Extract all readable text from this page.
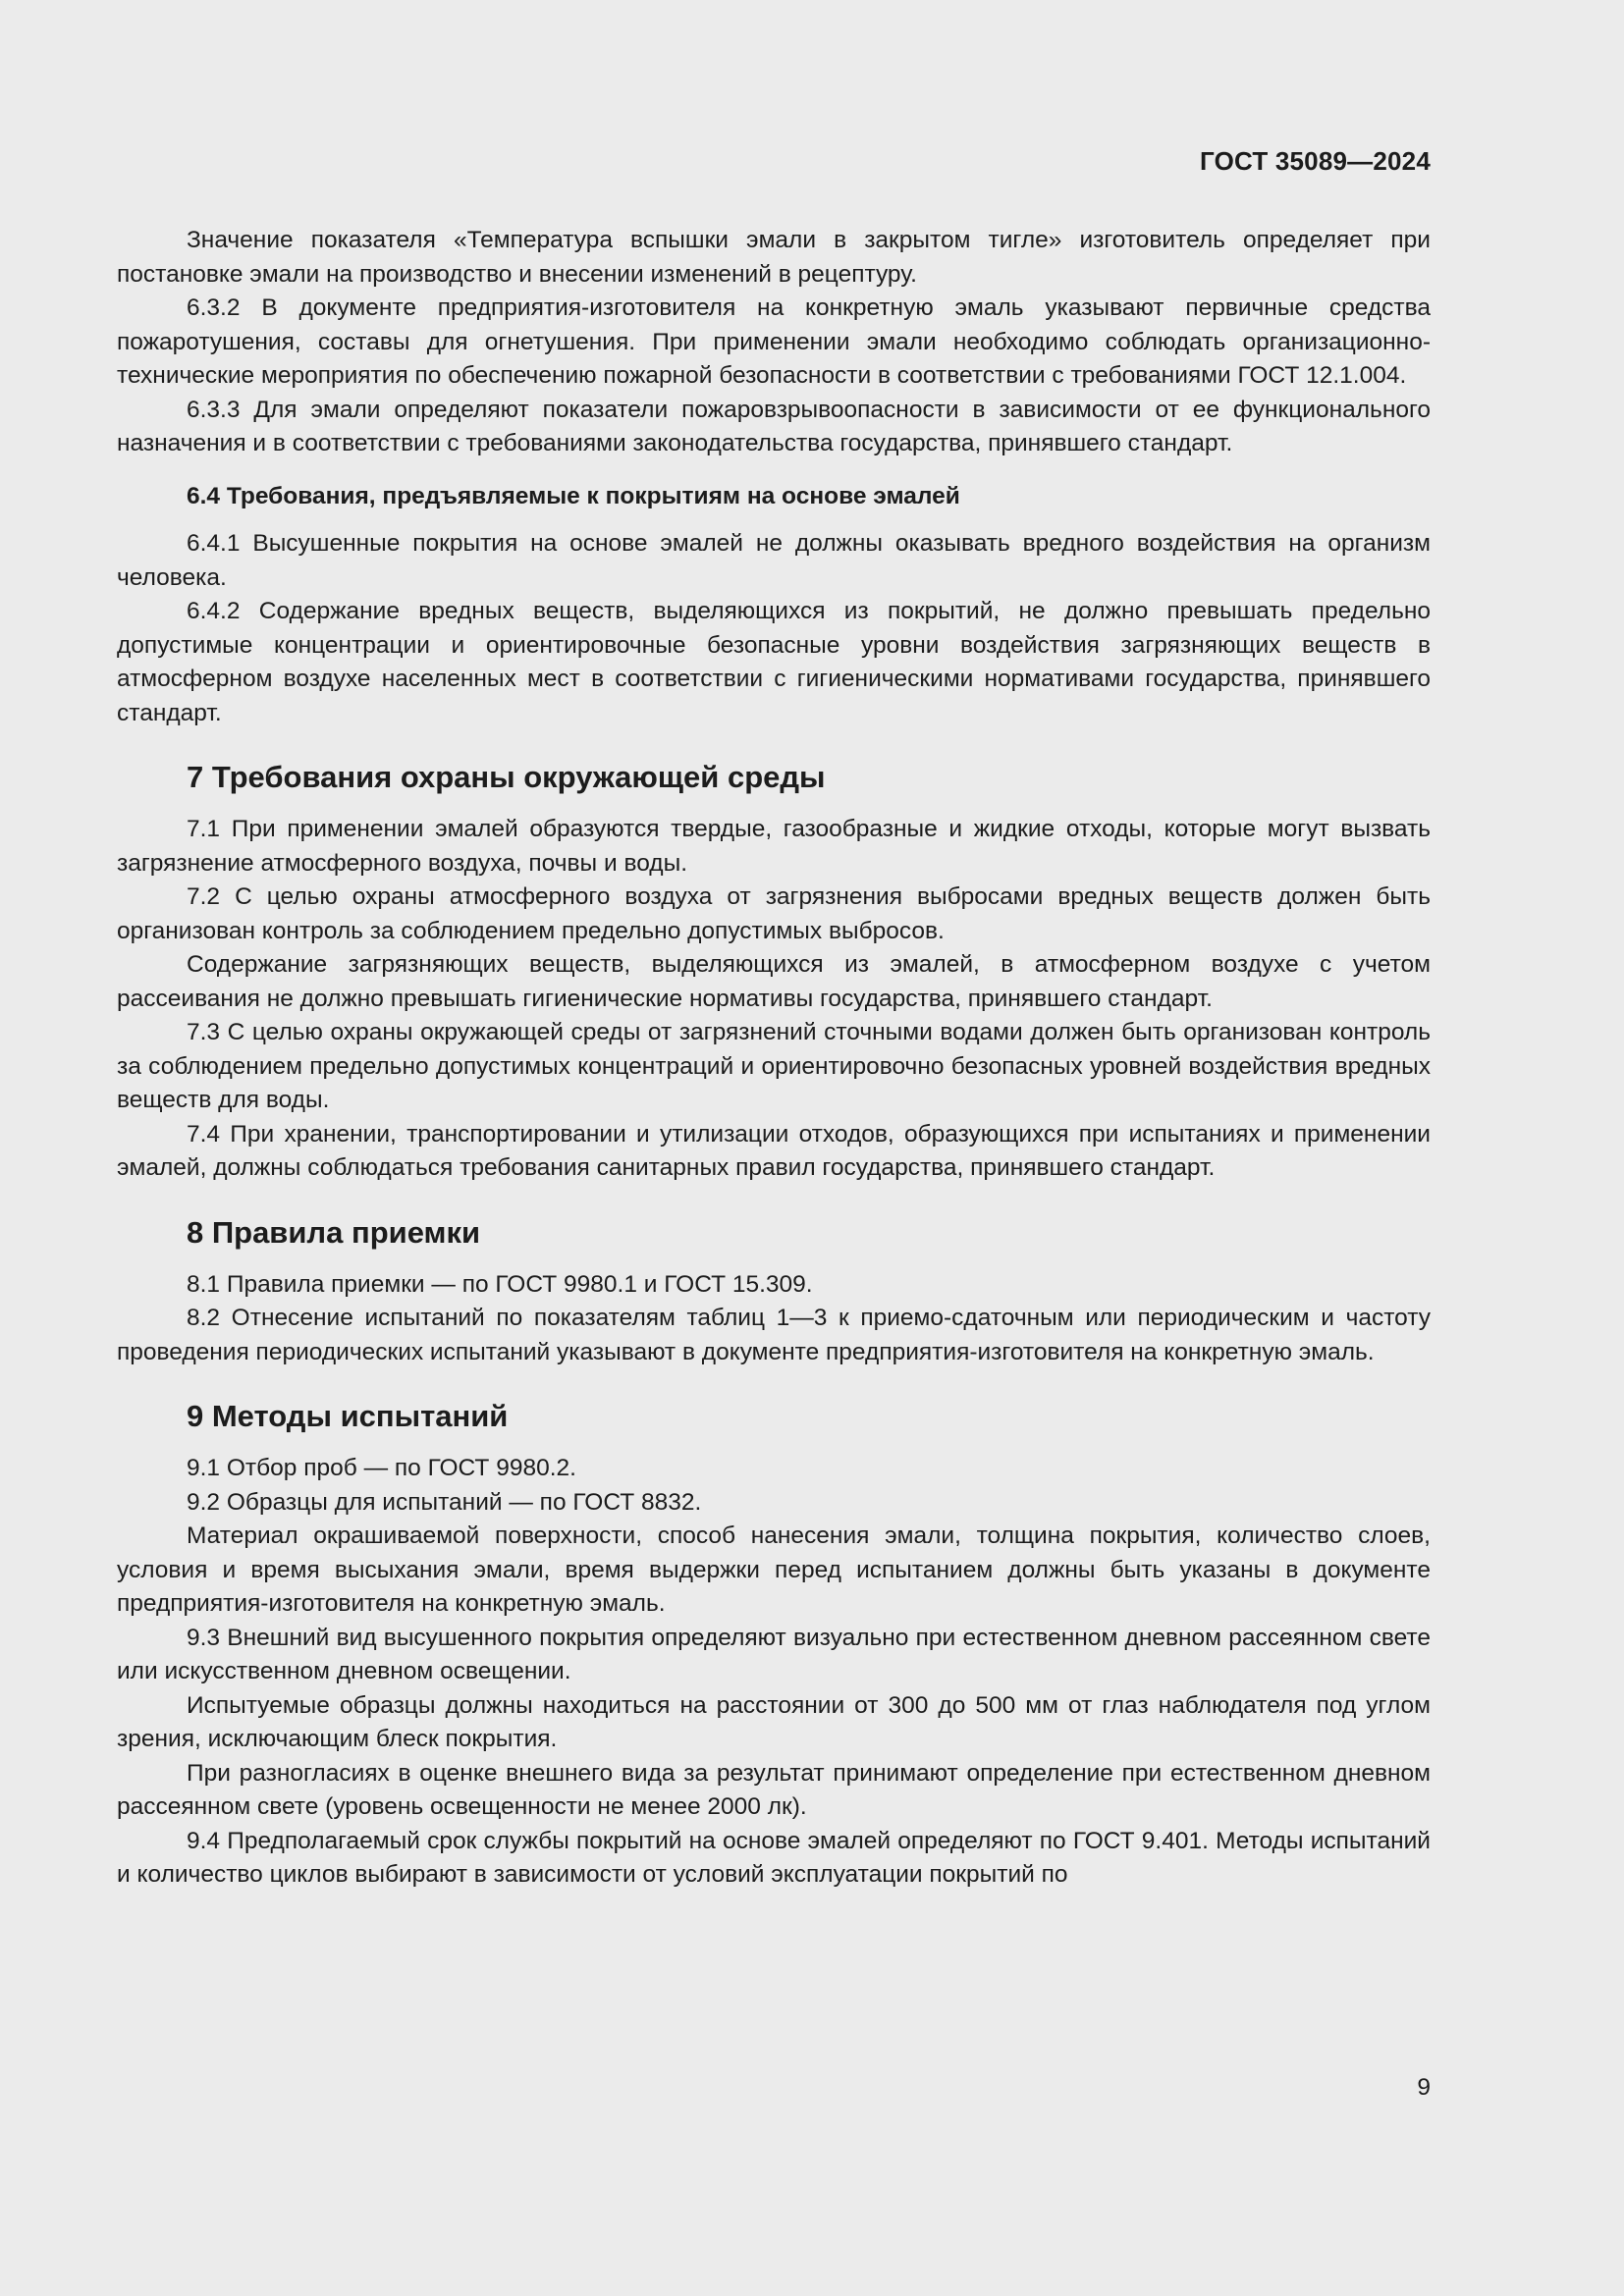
ГОСТ 35089—2024

Значение показателя «Температура вспышки эмали в закрытом тигле» изготовитель определяет при постановке эмали на производство и внесении изменений в рецептуру.

6.3.2 В документе предприятия-изготовителя на конкретную эмаль указывают первичные средства пожаротушения, составы для огнетушения. При применении эмали необходимо соблюдать организационно-технические мероприятия по обеспечению пожарной безопасности в соответствии с требованиями ГОСТ 12.1.004.

6.3.3 Для эмали определяют показатели пожаровзрывоопасности в зависимости от ее функционального назначения и в соответствии с требованиями законодательства государства, принявшего стандарт.

6.4 Требования, предъявляемые к покрытиям на основе эмалей

6.4.1 Высушенные покрытия на основе эмалей не должны оказывать вредного воздействия на организм человека.

6.4.2 Содержание вредных веществ, выделяющихся из покрытий, не должно превышать предельно допустимые концентрации и ориентировочные безопасные уровни воздействия загрязняющих веществ в атмосферном воздухе населенных мест в соответствии с гигиеническими нормативами государства, принявшего стандарт.

7 Требования охраны окружающей среды

7.1 При применении эмалей образуются твердые, газообразные и жидкие отходы, которые могут вызвать загрязнение атмосферного воздуха, почвы и воды.

7.2 С целью охраны атмосферного воздуха от загрязнения выбросами вредных веществ должен быть организован контроль за соблюдением предельно допустимых выбросов.

Содержание загрязняющих веществ, выделяющихся из эмалей, в атмосферном воздухе с учетом рассеивания не должно превышать гигиенические нормативы государства, принявшего стандарт.

7.3 С целью охраны окружающей среды от загрязнений сточными водами должен быть организован контроль за соблюдением предельно допустимых концентраций и ориентировочно безопасных уровней воздействия вредных веществ для воды.

7.4 При хранении, транспортировании и утилизации отходов, образующихся при испытаниях и применении эмалей, должны соблюдаться требования санитарных правил государства, принявшего стандарт.

8 Правила приемки

8.1 Правила приемки — по ГОСТ 9980.1 и ГОСТ 15.309.

8.2 Отнесение испытаний по показателям таблиц 1—3 к приемо-сдаточным или периодическим и частоту проведения периодических испытаний указывают в документе предприятия-изготовителя на конкретную эмаль.

9 Методы испытаний

9.1 Отбор проб — по ГОСТ 9980.2.

9.2 Образцы для испытаний — по ГОСТ 8832.

Материал окрашиваемой поверхности, способ нанесения эмали, толщина покрытия, количество слоев, условия и время высыхания эмали, время выдержки перед испытанием должны быть указаны в документе предприятия-изготовителя на конкретную эмаль.

9.3 Внешний вид высушенного покрытия определяют визуально при естественном дневном рассеянном свете или искусственном дневном освещении.

Испытуемые образцы должны находиться на расстоянии от 300 до 500 мм от глаз наблюдателя под углом зрения, исключающим блеск покрытия.

При разногласиях в оценке внешнего вида за результат принимают определение при естественном дневном рассеянном свете (уровень освещенности не менее 2000 лк).

9.4 Предполагаемый срок службы покрытий на основе эмалей определяют по ГОСТ 9.401. Методы испытаний и количество циклов выбирают в зависимости от условий эксплуатации покрытий по

9
